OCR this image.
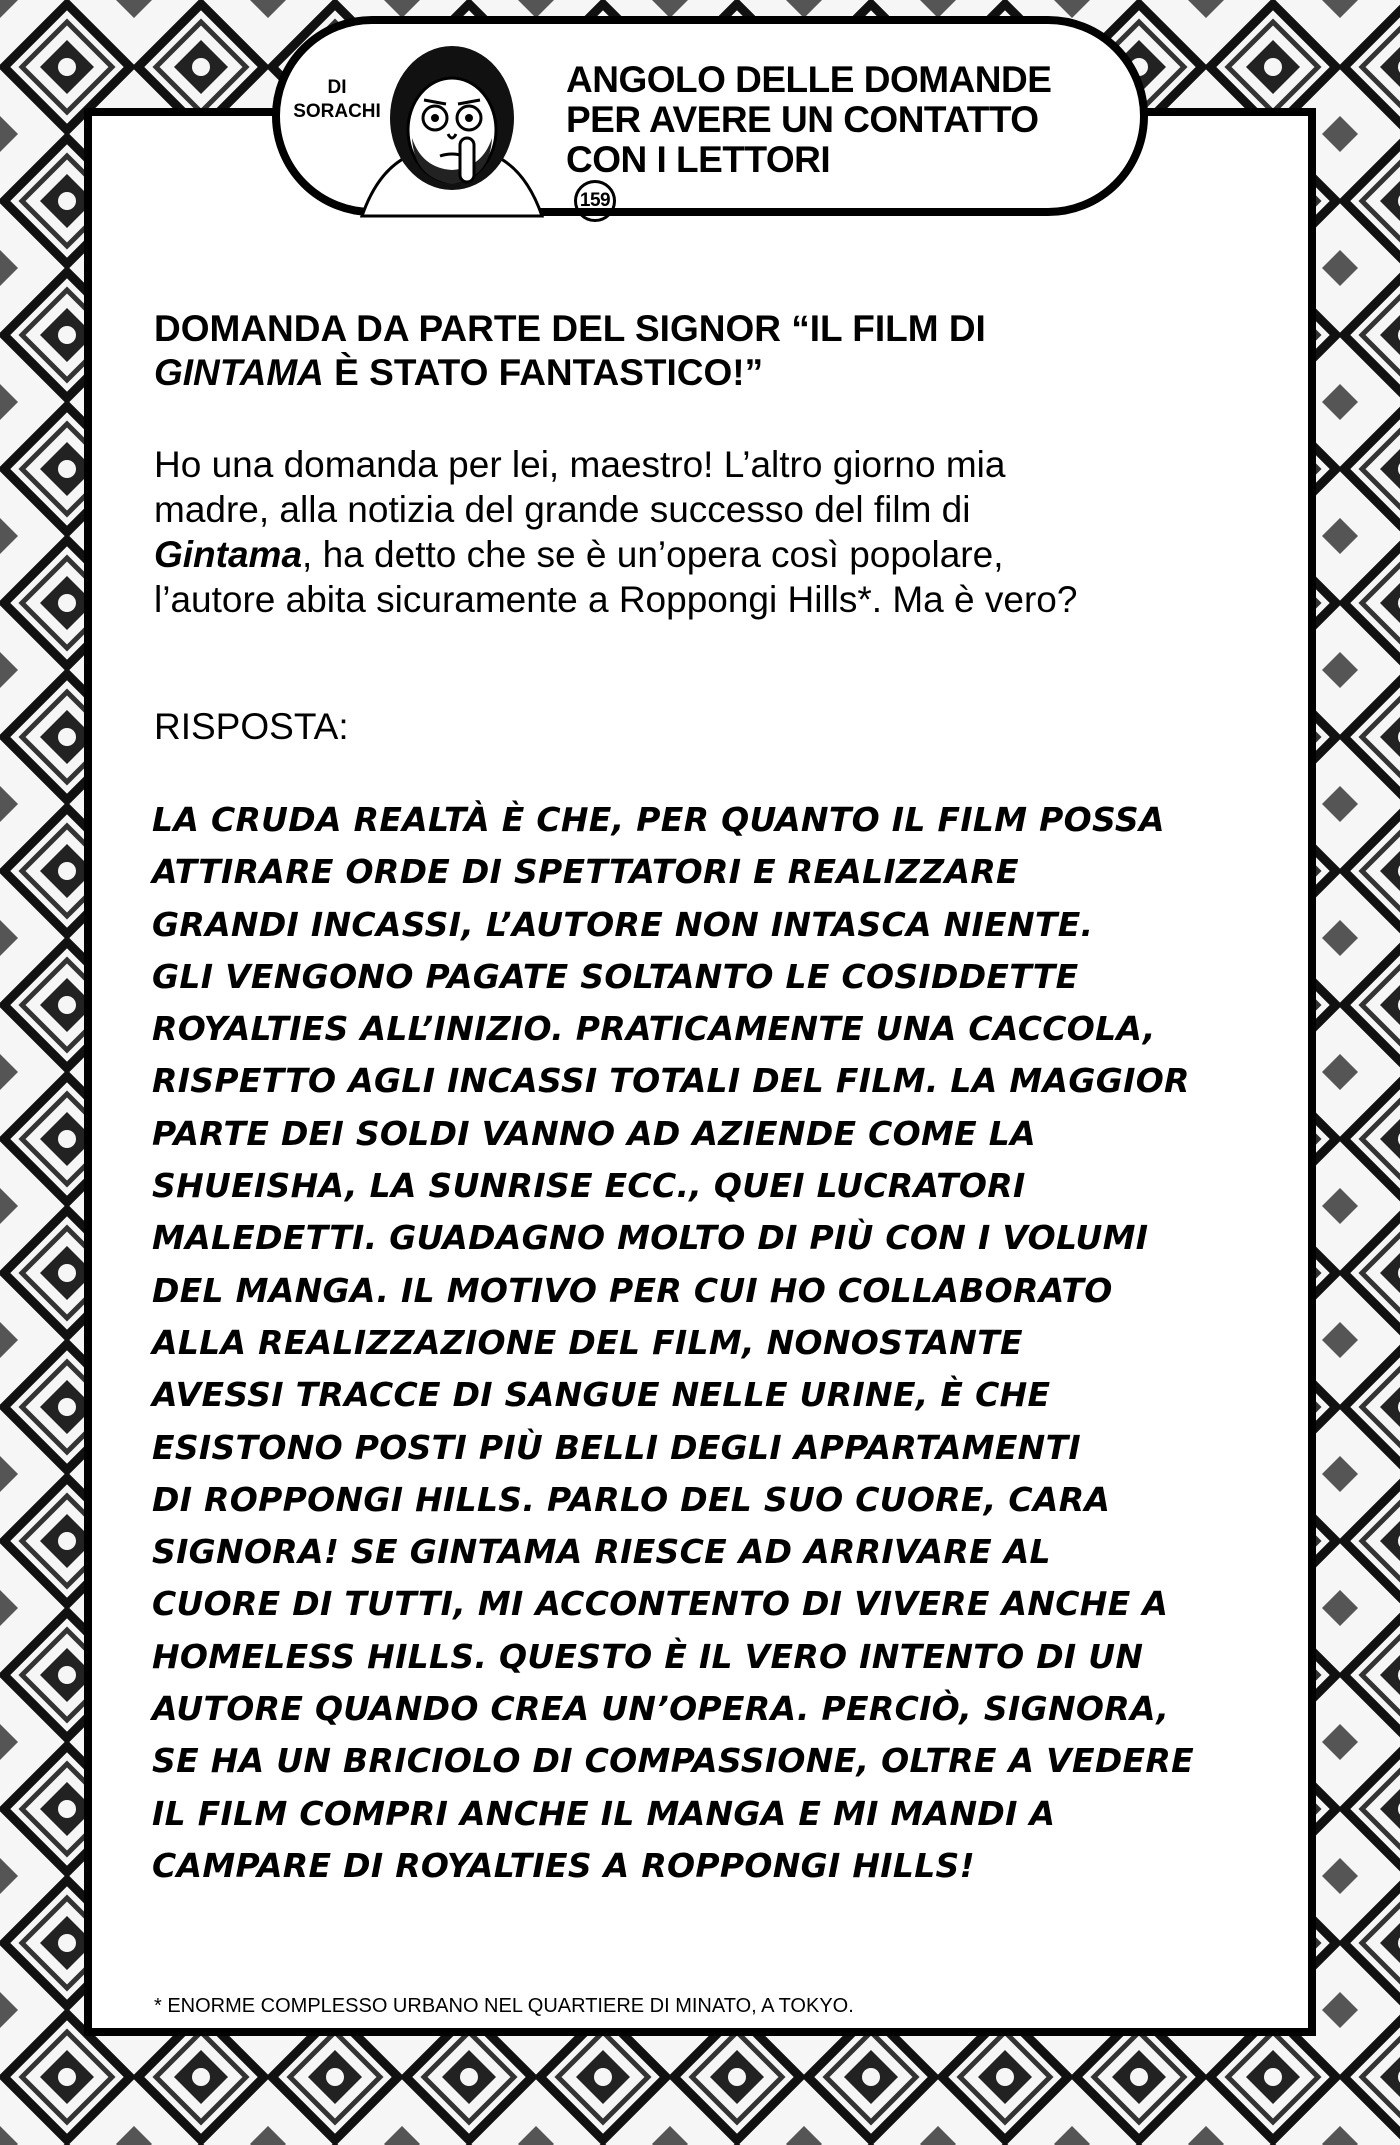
DI
SORACHI
ANGOLO DELLE DOMANDE
PER AVERE UN CONTATTO
CON I LETTORI
159
DOMANDA DA PARTE DEL SIGNOR “IL FILM DI
GINTAMA È STATO FANTASTICO!”
Ho una domanda per lei, maestro! L’altro giorno mia
madre, alla notizia del grande successo del film di
Gintama, ha detto che se è un’opera così popolare,
l’autore abita sicuramente a Roppongi Hills*. Ma è vero?
RISPOSTA:
LA CRUDA REALTÀ È CHE, PER QUANTO IL FILM POSSA
ATTIRARE ORDE DI SPETTATORI E REALIZZARE
GRANDI INCASSI, L’AUTORE NON INTASCA NIENTE.
GLI VENGONO PAGATE SOLTANTO LE COSIDDETTE
ROYALTIES ALL’INIZIO. PRATICAMENTE UNA CACCOLA,
RISPETTO AGLI INCASSI TOTALI DEL FILM. LA MAGGIOR
PARTE DEI SOLDI VANNO AD AZIENDE COME LA
SHUEISHA, LA SUNRISE ECC., QUEI LUCRATORI
MALEDETTI. GUADAGNO MOLTO DI PIÙ CON I VOLUMI
DEL MANGA. IL MOTIVO PER CUI HO COLLABORATO
ALLA REALIZZAZIONE DEL FILM, NONOSTANTE
AVESSI TRACCE DI SANGUE NELLE URINE, È CHE
ESISTONO POSTI PIÙ BELLI DEGLI APPARTAMENTI
DI ROPPONGI HILLS. PARLO DEL SUO CUORE, CARA
SIGNORA! SE GINTAMA RIESCE AD ARRIVARE AL
CUORE DI TUTTI, MI ACCONTENTO DI VIVERE ANCHE A
HOMELESS HILLS. QUESTO È IL VERO INTENTO DI UN
AUTORE QUANDO CREA UN’OPERA. PERCIÒ, SIGNORA,
SE HA UN BRICIOLO DI COMPASSIONE, OLTRE A VEDERE
IL FILM COMPRI ANCHE IL MANGA E MI MANDI A
CAMPARE DI ROYALTIES A ROPPONGI HILLS!
* ENORME COMPLESSO URBANO NEL QUARTIERE DI MINATO, A TOKYO.
